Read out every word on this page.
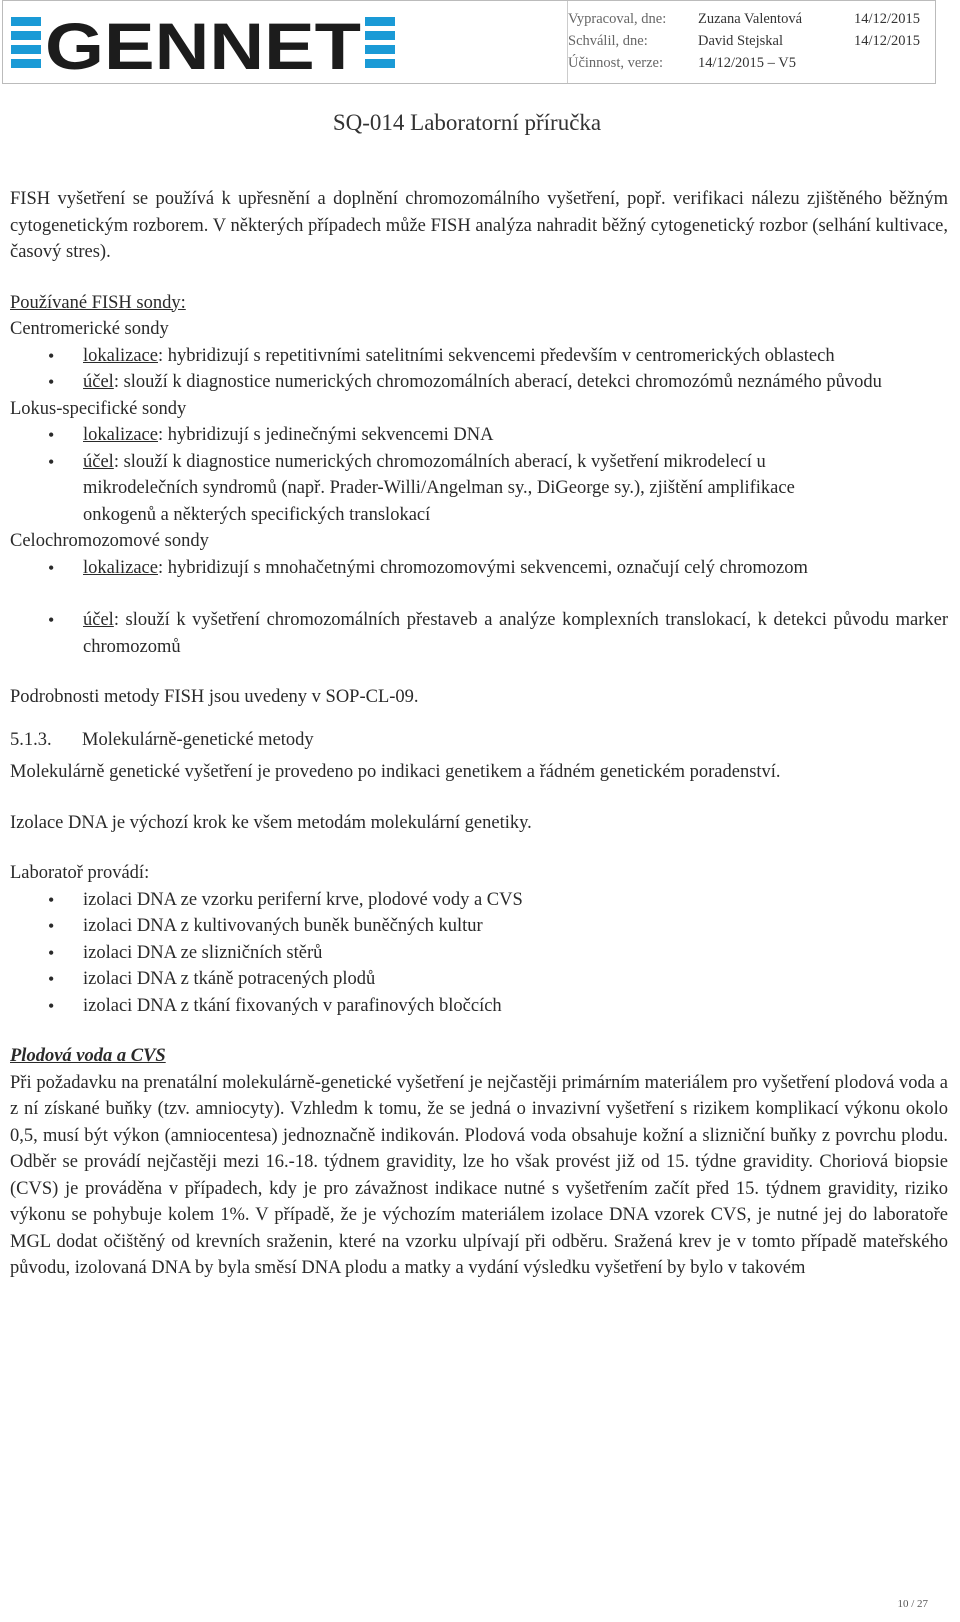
GENNET	Vypracoval, dne: Zuzana Valentová	14/12/2015
Schválil, dne:	David Stejskal	14/12/2015
Účinnost, verze: 14/12/2015 – V5
SQ-014 Laboratorní příručka

FISH vyšetření se používá k upřesnění a doplnění chromozomálního vyšetření, popř. verifikaci nálezu zjištěného běžným cytogenetickým rozborem. V některých případech může FISH analýza nahradit běžný cytogenetický rozbor (selhání kultivace, časový stres).

Používané FISH sondy:

Centromerické sondy

• lokalizace: hybridizují s repetitivními satelitními sekvencemi především v centromerických oblastech
• účel: slouží k diagnostice numerických chromozomálních aberací, detekci chromozómů neznámého původu

Lokus-specifické sondy

• lokalizace: hybridizují s jedinečnými sekvencemi DNA
• účel: slouží k diagnostice numerických chromozomálních aberací, k vyšetření mikrodelecí u mikrodelečních syndromů (např. Prader-Willi/Angelman sy., DiGeorge sy.), zjištění amplifikace onkogenů a některých specifických translokací

Celochromozomové sondy

• lokalizace: hybridizují s mnohačetnými chromozomovými sekvencemi, označují celý chromozom
• účel: slouží k vyšetření chromozomálních přestaveb a analýze komplexních translokací, k detekci původu marker chromozomů

Podrobnosti metody FISH jsou uvedeny v SOP-CL-09.

5.1.3. Molekulárně-genetické metody

Molekulárně genetické vyšetření je provedeno po indikaci genetikem a řádném genetickém poradenství.

Izolace DNA je výchozí krok ke všem metodám molekulární genetiky.

Laboratoř provádí:

• izolaci DNA ze vzorku periferní krve, plodové vody a CVS
• izolaci DNA z kultivovaných buněk buněčných kultur
• izolaci DNA ze slizničních stěrů
• izolaci DNA z tkáně potracených plodů
• izolaci DNA z tkání fixovaných v parafinových bločcích

Plodová voda a CVS

Při požadavku na prenatální molekulárně-genetické vyšetření je nejčastěji primárním materiálem pro vyšetření plodová voda a z ní získané buňky (tzv. amniocyty). Vzhledm k tomu, že se jedná o invazivní vyšetření s rizikem komplikací výkonu okolo 0,5, musí být výkon (amniocentesa) jednoznačně indikován. Plodová voda obsahuje kožní a slizniční buňky z povrchu plodu. Odběr se provádí nejčastěji mezi 16.-18. týdnem gravidity, lze ho však provést již od 15. týdne gravidity. Choriová biopsie (CVS) je prováděna v případech, kdy je pro závažnost indikace nutné s vyšetřením začít před 15. týdnem gravidity, riziko výkonu se pohybuje kolem 1%. V případě, že je výchozím materiálem izolace DNA vzorek CVS, je nutné jej do laboratoře MGL dodat očištěný od krevních sraženin, které na vzorku ulpívají při odběru. Sražená krev je v tomto případě mateřského původu, izolovaná DNA by byla směsí DNA plodu a matky a vydání výsledku vyšetření by bylo v takovém

10 / 27
